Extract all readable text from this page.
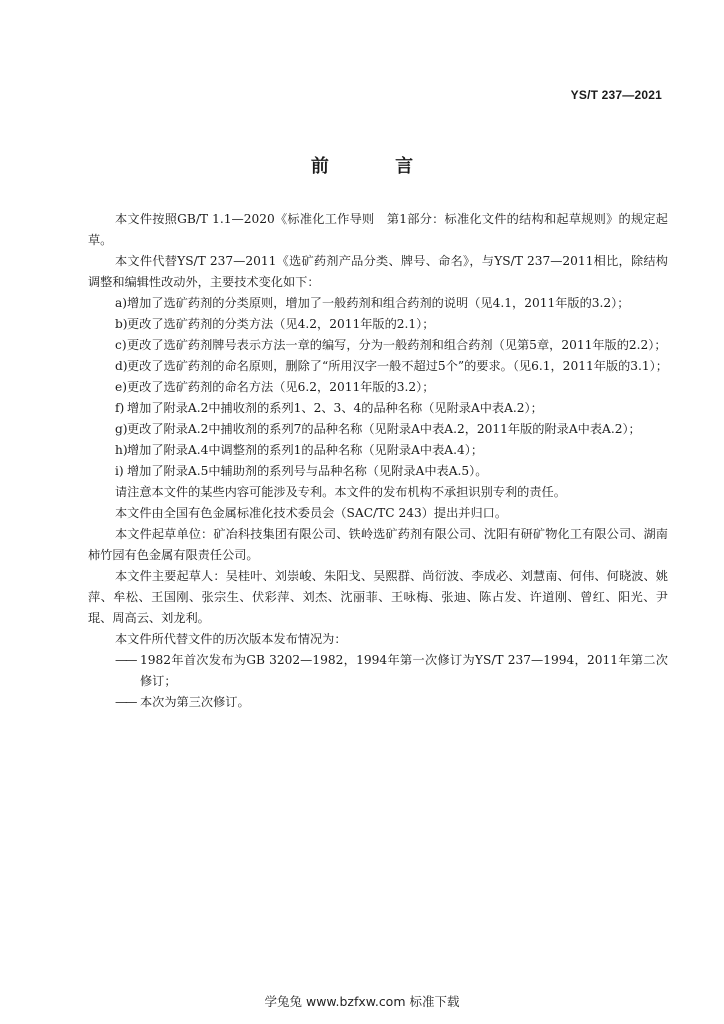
YS/T 237—2021
前 言

本文件按照GB/T 1.1—2020《标准化工作导则　第1部分：标准化文件的结构和起草规则》的规定起草。

本文件代替YS/T 237—2011《选矿药剂产品分类、牌号、命名》，与YS/T 237—2011相比，除结构调整和编辑性改动外，主要技术变化如下：

a) 增加了选矿药剂的分类原则，增加了一般药剂和组合药剂的说明（见4.1，2011年版的3.2）；
b) 更改了选矿药剂的分类方法（见4.2，2011年版的2.1）；
c) 更改了选矿药剂牌号表示方法一章的编写，分为一般药剂和组合药剂（见第5章，2011年版的2.2）；
d) 更改了选矿药剂的命名原则，删除了“所用汉字一般不超过5个”的要求。（见6.1，2011年版的3.1）；
e) 更改了选矿药剂的命名方法（见6.2，2011年版的3.2）；
f) 增加了附录A.2中捕收剂的系列1、2、3、4的品种名称（见附录A中表A.2）；
g) 更改了附录A.2中捕收剂的系列7的品种名称（见附录A中表A.2，2011年版的附录A中表A.2）；
h) 增加了附录A.4中调整剂的系列1的品种名称（见附录A中表A.4）；
i) 增加了附录A.5中辅助剂的系列号与品种名称（见附录A中表A.5）。

请注意本文件的某些内容可能涉及专利。本文件的发布机构不承担识别专利的责任。

本文件由全国有色金属标准化技术委员会（SAC/TC 243）提出并归口。

本文件起草单位：矿冶科技集团有限公司、铁岭选矿药剂有限公司、沈阳有研矿物化工有限公司、湖南柿竹园有色金属有限责任公司。

本文件主要起草人：吴桂叶、刘崇峻、朱阳戈、吴熙群、尚衍波、李成必、刘慧南、何伟、何晓波、姚萍、牟松、王国刚、张宗生、伏彩萍、刘杰、沈丽菲、王咏梅、张迪、陈占发、许道刚、曾红、阳光、尹琨、周高云、刘龙利。

本文件所代替文件的历次版本发布情况为：

—— 1982年首次发布为GB 3202—1982，1994年第一次修订为YS/T 237—1994，2011年第二次修订；
—— 本次为第三次修订。
学兔兔 www.bzfxw.com 标准下载
